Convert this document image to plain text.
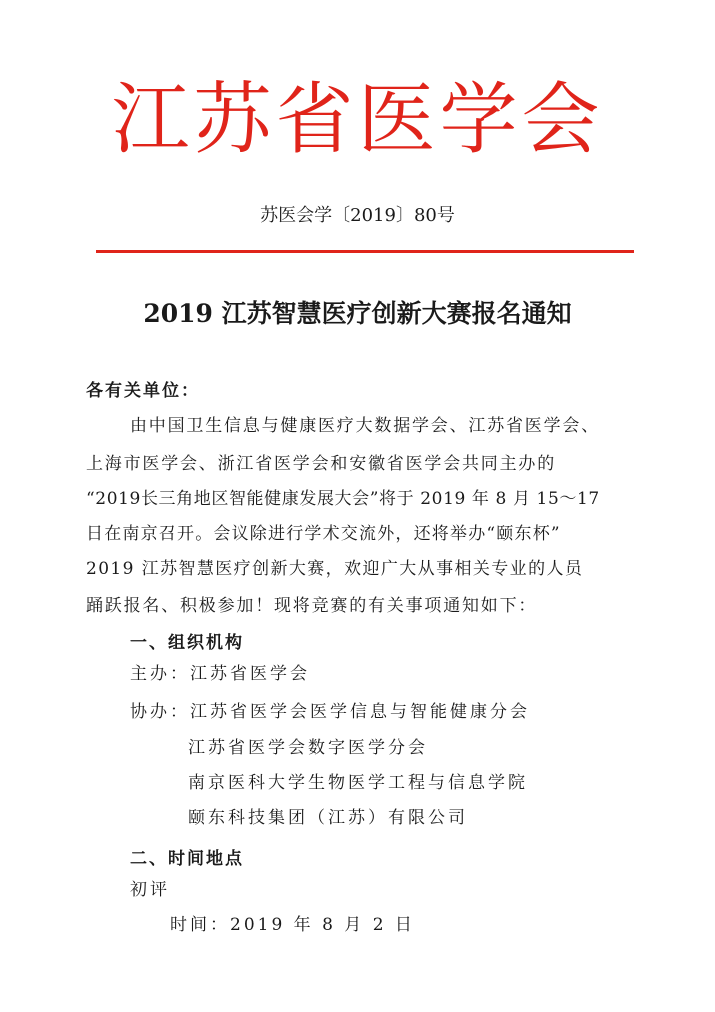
江苏省医学会
苏医会学〔2019〕80号
2019 江苏智慧医疗创新大赛报名通知
各有关单位：
由中国卫生信息与健康医疗大数据学会、江苏省医学会、
上海市医学会、浙江省医学会和安徽省医学会共同主办的
“2019长三角地区智能健康发展大会”将于 2019 年 8 月 15～17
日在南京召开。会议除进行学术交流外，还将举办“颐东杯”
2019 江苏智慧医疗创新大赛，欢迎广大从事相关专业的人员
踊跃报名、积极参加！现将竞赛的有关事项通知如下：
一、组织机构
主办：江苏省医学会
协办：江苏省医学会医学信息与智能健康分会
江苏省医学会数字医学分会
南京医科大学生物医学工程与信息学院
颐东科技集团（江苏）有限公司
二、时间地点
初评
时间：2019 年 8 月 2 日
